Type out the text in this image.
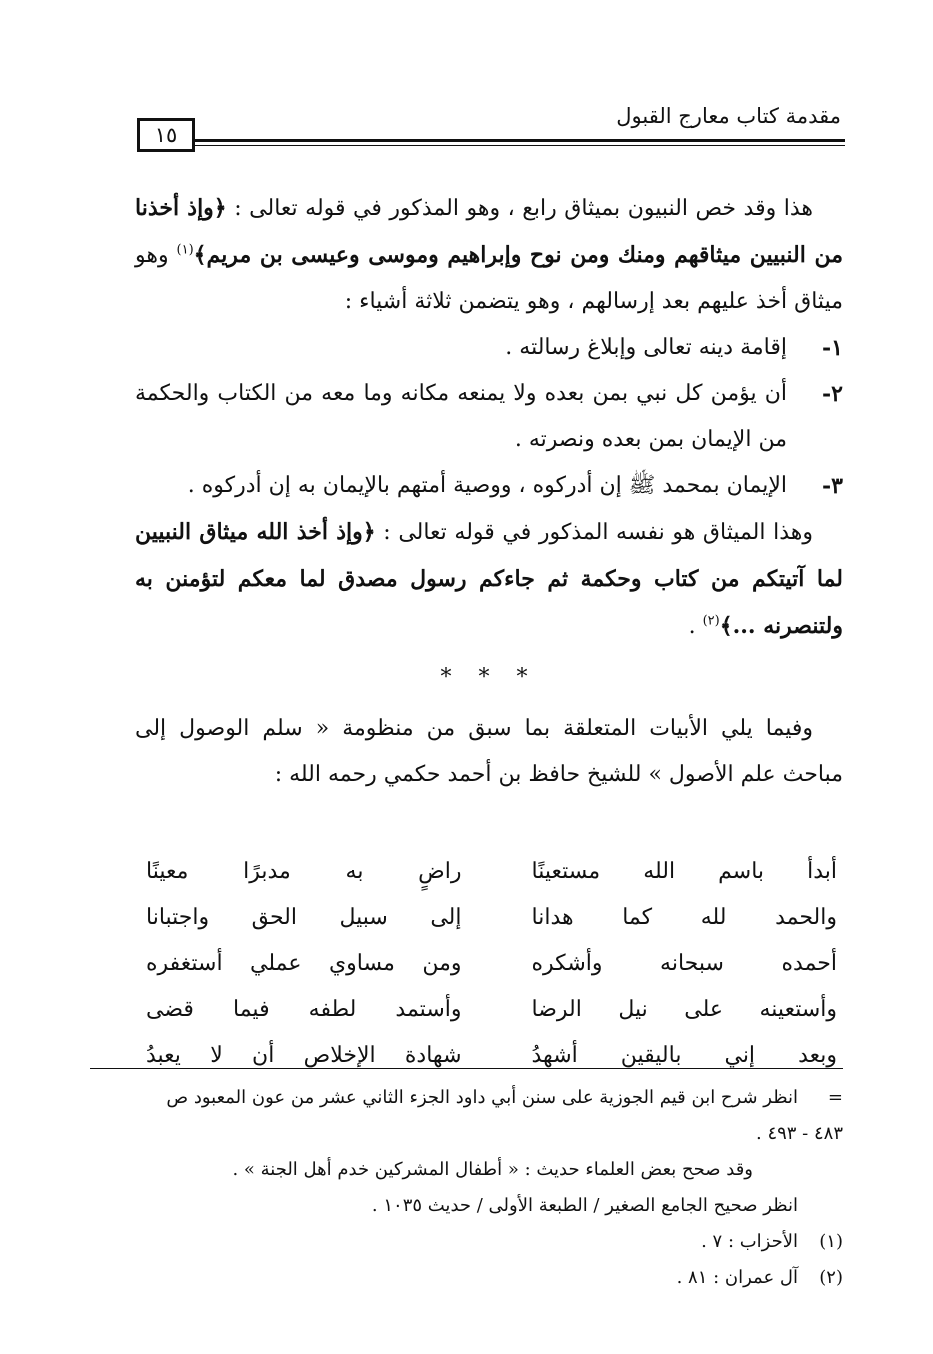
مقدمة كتاب معارج القبول
١٥

هذا وقد خص النبيون بميثاق رابع ، وهو المذكور في قوله تعالى : ﴿وإذ أخذنا من النبيين ميثاقهم ومنك ومن نوح وإبراهيم وموسى وعيسى بن مريم﴾$^{(١)}$ وهو ميثاق أخذ عليهم بعد إرسالهم ، وهو يتضمن ثلاثة أشياء :

١-
إقامة دينه تعالى وإبلاغ رسالته .
٢-
أن يؤمن كل نبي بمن بعده ولا يمنعه مكانه وما معه من الكتاب والحكمة من الإيمان بمن بعده ونصرته .
٣-
الإيمان بمحمد ﷺ إن أدركوه ، ووصية أمتهم بالإيمان به إن أدركوه .

وهذا الميثاق هو نفسه المذكور في قوله تعالى : ﴿وإذ أخذ الله ميثاق النبيين لما آتيتكم من كتاب وحكمة ثم جاءكم رسول مصدق لما معكم لتؤمنن به ولتنصرنه ...﴾$^{(٢)}$ .

* * *

وفيما يلي الأبيات المتعلقة بما سبق من منظومة « سلم الوصول إلى مباحث علم الأصول » للشيخ حافظ بن أحمد حكمي رحمه الله :

أبدأ باسم الله مستعينًا
راضٍ به مدبرًا معينًا
والحمد لله كما هدانا
إلى سبيل الحق واجتبانا
أحمده سبحانه وأشكره
ومن مساوي عملي أستغفره
وأستعينه على نيل الرضا
وأستمد لطفه فيما قضى
وبعد إني باليقين أشهدُ
شهادة الإخلاص أن لا يعبدُ

=انظر شرح ابن قيم الجوزية على سنن أبي داود الجزء الثاني عشر من عون المعبود ص ٤٨٣ - ٤٩٣ .

وقد صحح بعض العلماء حديث : « أطفال المشركين خدم أهل الجنة » .

انظر صحيح الجامع الصغير / الطبعة الأولى / حديث ١٠٣٥ .

(١)الأحزاب : ٧ .

(٢)آل عمران : ٨١ .
